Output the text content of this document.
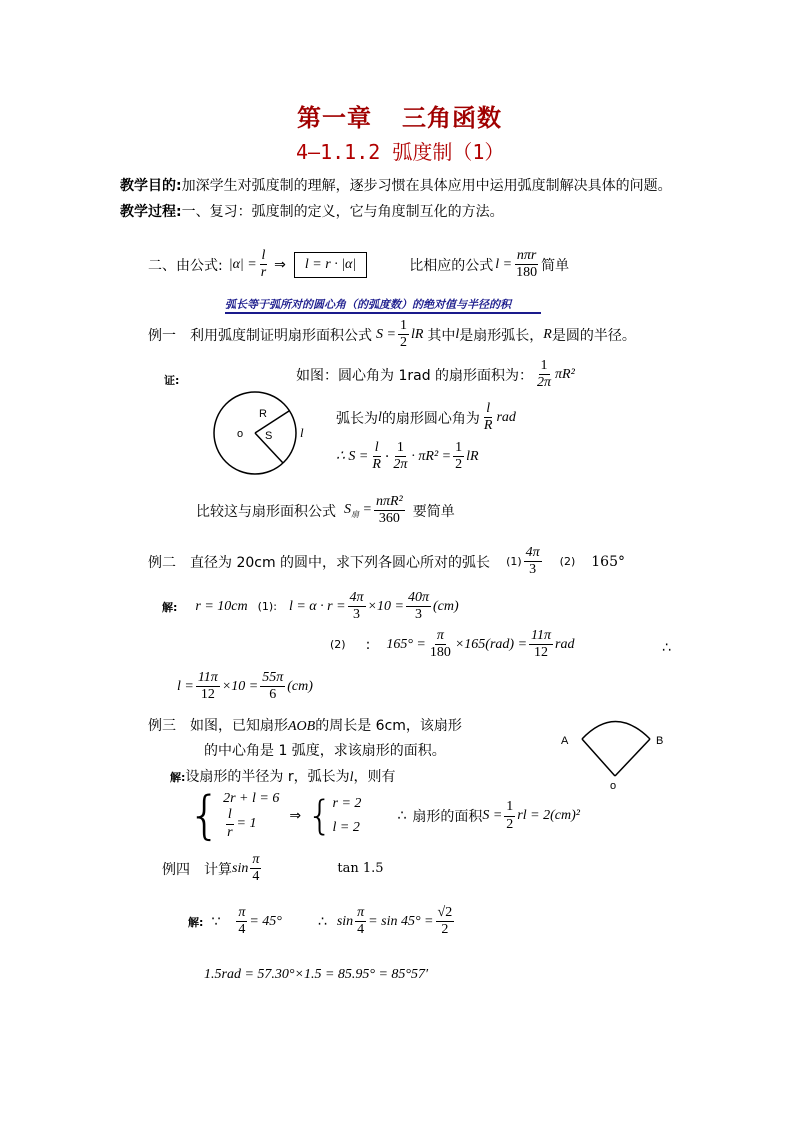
第一章 三角函数
4—1.1.2 弧度制（1）
教学目的:加深学生对弧度制的理解，逐步习惯在具体应用中运用弧度制解决具体的问题。
教学过程:一、复习：弧度制的定义，它与角度制互化的方法。
二、由公式: $|\alpha| = \frac{l}{r}$ ⇒	l = r · |α|	比相应的公式 $l = \frac{\text{nπr}}{180}$ 简单
弧长等于弧所对的圆心角（的弧度数）的绝对值与半径的积
例一 利用弧度制证明扇形面积公式 $S = \frac{1}{2}$ lR 其中 l 是扇形弧长， R 是圆的半径。
证:	如图：圆心角为 1rad 的扇形面积为： $\frac{1}{2\pi} \pi R^2$
o
R
S l
弧长为 l 的扇形圆心角为 $\frac{l}{R}$ rad
∴ $S = \frac{l}{R} \cdot \frac{1}{2\pi} \cdot \pi R^2 = \frac{1}{2}$ lR
比较这与扇形面积公式 $S_扇 = \frac{\text{nπR²}}{360}$ 要简单
例二 直径为 20cm 的圆中，求下列各圆心所对的弧长 $(1) \frac{4\pi}{3} (2)$ 165°
解: r = 10cm (1): $l = \alpha \cdot r = \frac{4\pi}{3} \times 10 = \frac{40\pi}{3} (cm)$
(2) : $165^\circ = \frac{\pi}{180} \times 165(rad) = \frac{11\pi}{12}$ rad	∴
$l = \frac{11\pi}{12} \times 10 = \frac{55\pi}{6} (cm)$
例三 如图，已知扇形AOB的周长是 6cm，该扇形
的中心角是 1 弧度，求该扇形的面积。
A	B
o
解:设扇形的半径为 r，弧长为l，则有
{ 2r + l = 6
$\frac{l}{r} = 1$ ⇒ { r = 2
l = 2
∴ 扇形的面积 $S = \frac{1}{2}$ rl = 2(cm)²
例四 计算 $\sin \frac{\pi}{4}$	tan 1.5
解: ∵ $\frac{\pi}{4} = 45^\circ$	∴ $\sin \frac{\pi}{4} = \sin 45^\circ = \frac{√2}{2}$
1.5rad = 57.30°×1.5 = 85.95° = 85°57′
